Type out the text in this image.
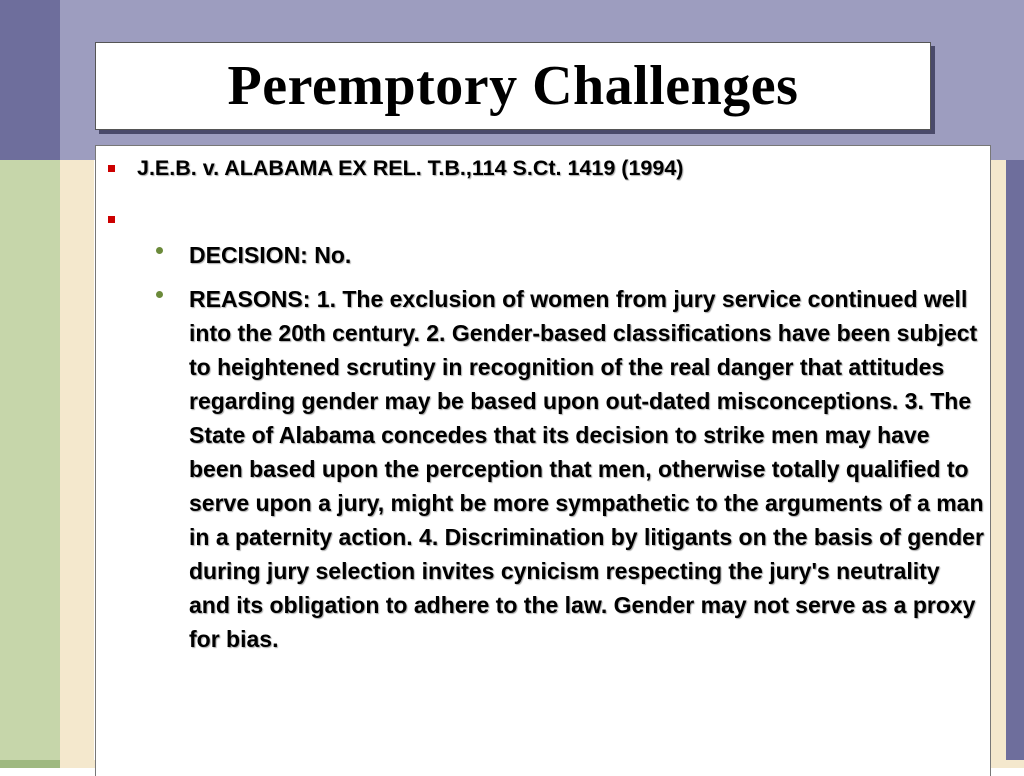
Peremptory Challenges
J.E.B. v. ALABAMA EX REL. T.B.,114 S.Ct. 1419 (1994)
DECISION: No.
REASONS: 1. The exclusion of women from jury service continued well into the 20th century. 2. Gender-based classifications have been subject to heightened scrutiny in recognition of the real danger that attitudes regarding gender may be based upon out-dated misconceptions. 3. The State of Alabama concedes that its decision to strike men may have been based upon the perception that men, otherwise totally qualified to serve upon a jury, might be more sympathetic to the arguments of a man in a paternity action. 4. Discrimination by litigants on the basis of gender during jury selection invites cynicism respecting the jury's neutrality and its obligation to adhere to the law. Gender may not serve as a proxy for bias.
